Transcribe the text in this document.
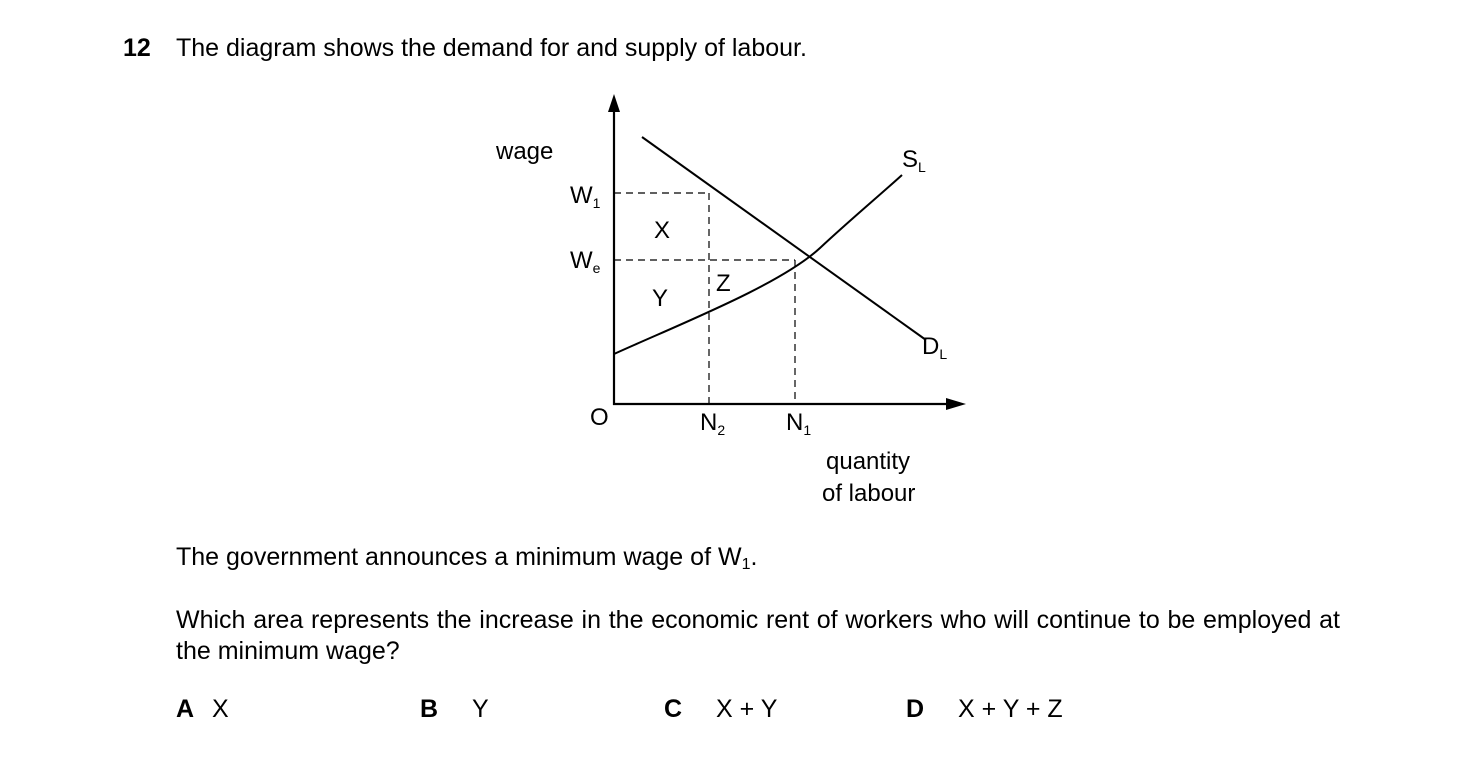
12 The diagram shows the demand for and supply of labour.
wage
$W_1$
$W_e$
O	$N_2$	$N_1$
$S_L$
$D_L$
X
Y
Z
quantity
of labour
The government announces a minimum wage of $W_1$.
Which area represents the increase in the economic rent of workers who will continue to be employed at the minimum wage?
A X	B Y	C X + Y	D X + Y + Z
